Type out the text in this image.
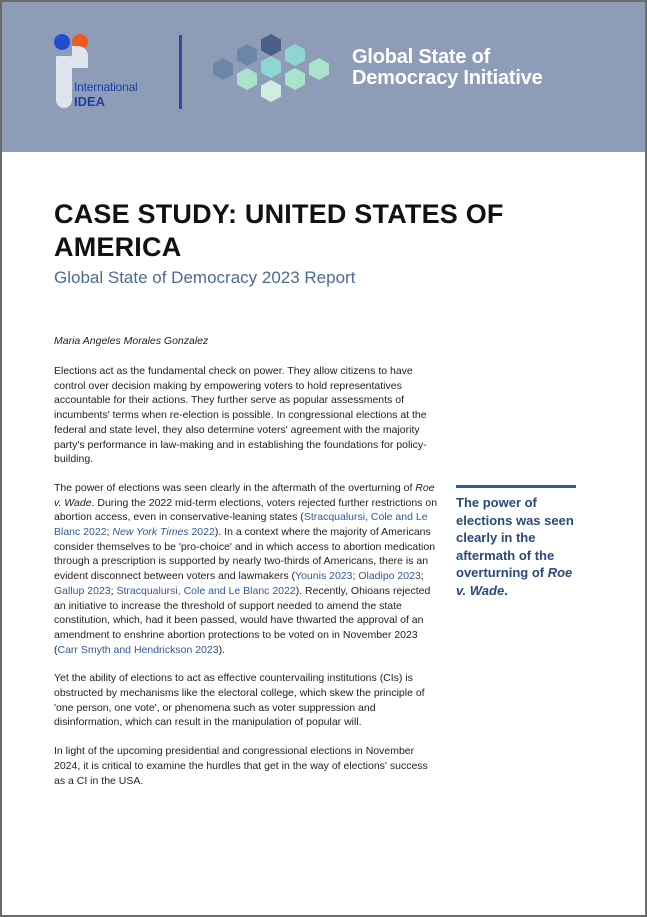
International
IDEA
Global State of
Democracy Initiative
CASE STUDY: UNITED STATES OF AMERICA
Global State of Democracy 2023 Report
Maria Angeles Morales Gonzalez

Elections act as the fundamental check on power. They allow citizens to have control over decision making by empowering voters to hold representatives accountable for their actions. They further serve as popular assessments of incumbents' terms when re-election is possible. In congressional elections at the federal and state level, they also determine voters' agreement with the majority party's performance in law-making and in establishing the foundations for policy-building.

The power of elections was seen clearly in the aftermath of the overturning of Roe v. Wade. During the 2022 mid-term elections, voters rejected further restrictions on abortion access, even in conservative-leaning states (Stracqualursi, Cole and Le Blanc 2022; New York Times 2022). In a context where the majority of Americans consider themselves to be 'pro-choice' and in which access to abortion medication through a prescription is supported by nearly two-thirds of Americans, there is an evident disconnect between voters and lawmakers (Younis 2023; Oladipo 2023; Gallup 2023; Stracqualursi, Cole and Le Blanc 2022). Recently, Ohioans rejected an initiative to increase the threshold of support needed to amend the state constitution, which, had it been passed, would have thwarted the approval of an amendment to enshrine abortion protections to be voted on in November 2023 (Carr Smyth and Hendrickson 2023).

Yet the ability of elections to act as effective countervailing institutions (CIs) is obstructed by mechanisms like the electoral college, which skew the principle of 'one person, one vote', or phenomena such as voter suppression and disinformation, which can result in the manipulation of popular will.

In light of the upcoming presidential and congressional elections in November 2024, it is critical to examine the hurdles that get in the way of elections' success as a CI in the USA.

The power of elections was seen clearly in the aftermath of the overturning of Roe v. Wade.
